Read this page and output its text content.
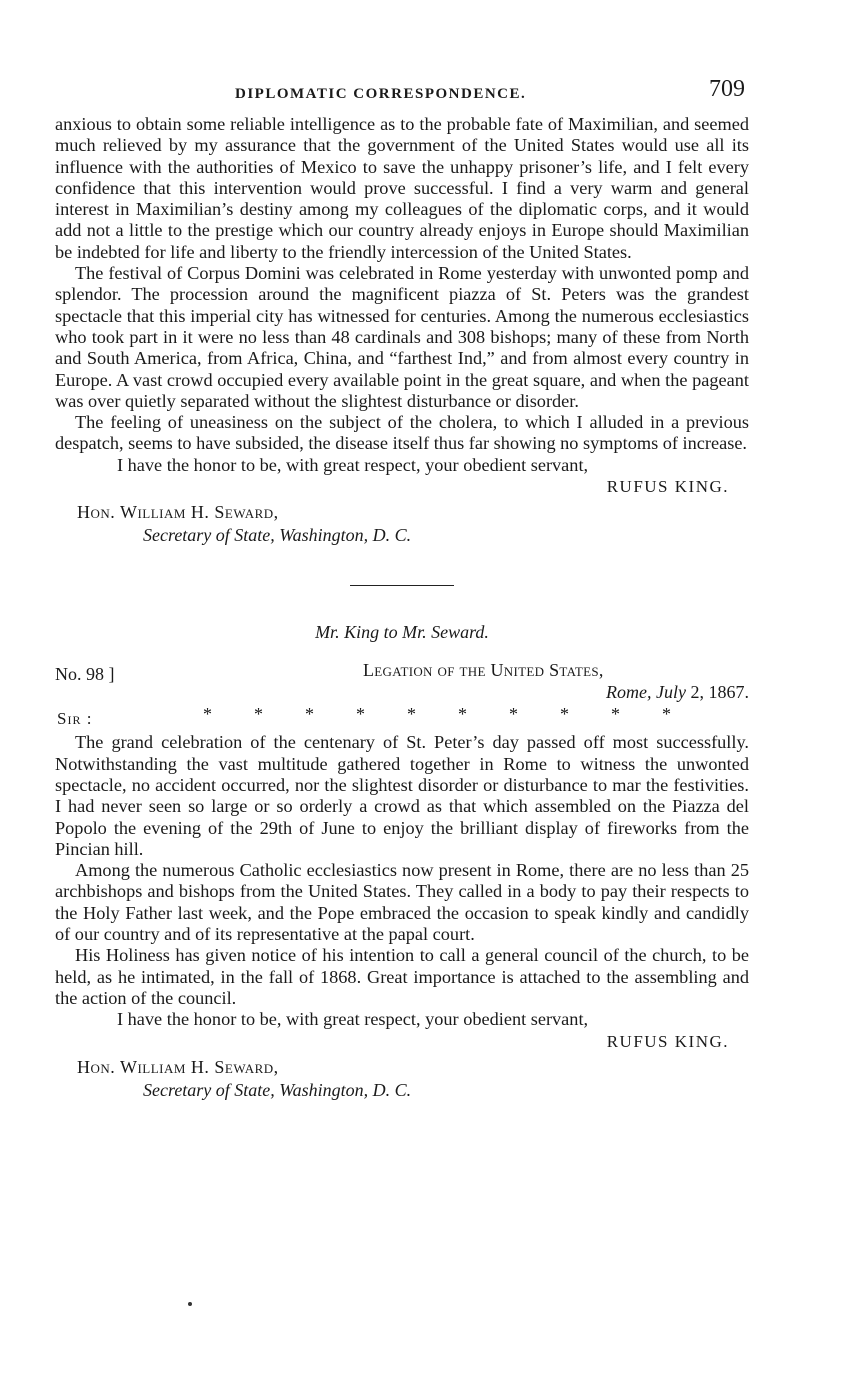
DIPLOMATIC CORRESPONDENCE.	709

anxious to obtain some reliable intelligence as to the probable fate of Maximilian, and seemed much relieved by my assurance that the government of the United States would use all its influence with the authorities of Mexico to save the unhappy prisoner’s life, and I felt every confidence that this intervention would prove successful. I find a very warm and general interest in Maximilian’s destiny among my colleagues of the diplomatic corps, and it would add not a little to the prestige which our country already enjoys in Europe should Maximilian be indebted for life and liberty to the friendly intercession of the United States.

The festival of Corpus Domini was celebrated in Rome yesterday with unwonted pomp and splendor. The procession around the magnificent piazza of St. Peters was the grandest spectacle that this imperial city has witnessed for centuries. Among the numerous ecclesiastics who took part in it were no less than 48 cardinals and 308 bishops; many of these from North and South America, from Africa, China, and “farthest Ind,” and from almost every country in Europe. A vast crowd occupied every available point in the great square, and when the pageant was over quietly separated without the slightest disturbance or disorder.

The feeling of uneasiness on the subject of the cholera, to which I alluded in a previous despatch, seems to have subsided, the disease itself thus far showing no symptoms of increase.

I have the honor to be, with great respect, your obedient servant,

RUFUS KING.
Hon. William H. Seward,
Secretary of State, Washington, D. C.
Mr. King to Mr. Seward.
No. 98 ]	Legation of the United States,
Rome, July 2, 1867.
Sir :	**********

The grand celebration of the centenary of St. Peter’s day passed off most successfully. Notwithstanding the vast multitude gathered together in Rome to witness the unwonted spectacle, no accident occurred, nor the slightest disorder or disturbance to mar the festivities. I had never seen so large or so orderly a crowd as that which assembled on the Piazza del Popolo the evening of the 29th of June to enjoy the brilliant display of fireworks from the Pincian hill.

Among the numerous Catholic ecclesiastics now present in Rome, there are no less than 25 archbishops and bishops from the United States. They called in a body to pay their respects to the Holy Father last week, and the Pope embraced the occasion to speak kindly and candidly of our country and of its representative at the papal court.

His Holiness has given notice of his intention to call a general council of the church, to be held, as he intimated, in the fall of 1868. Great importance is attached to the assembling and the action of the council.

I have the honor to be, with great respect, your obedient servant,

RUFUS KING.
Hon. William H. Seward,
Secretary of State, Washington, D. C.
